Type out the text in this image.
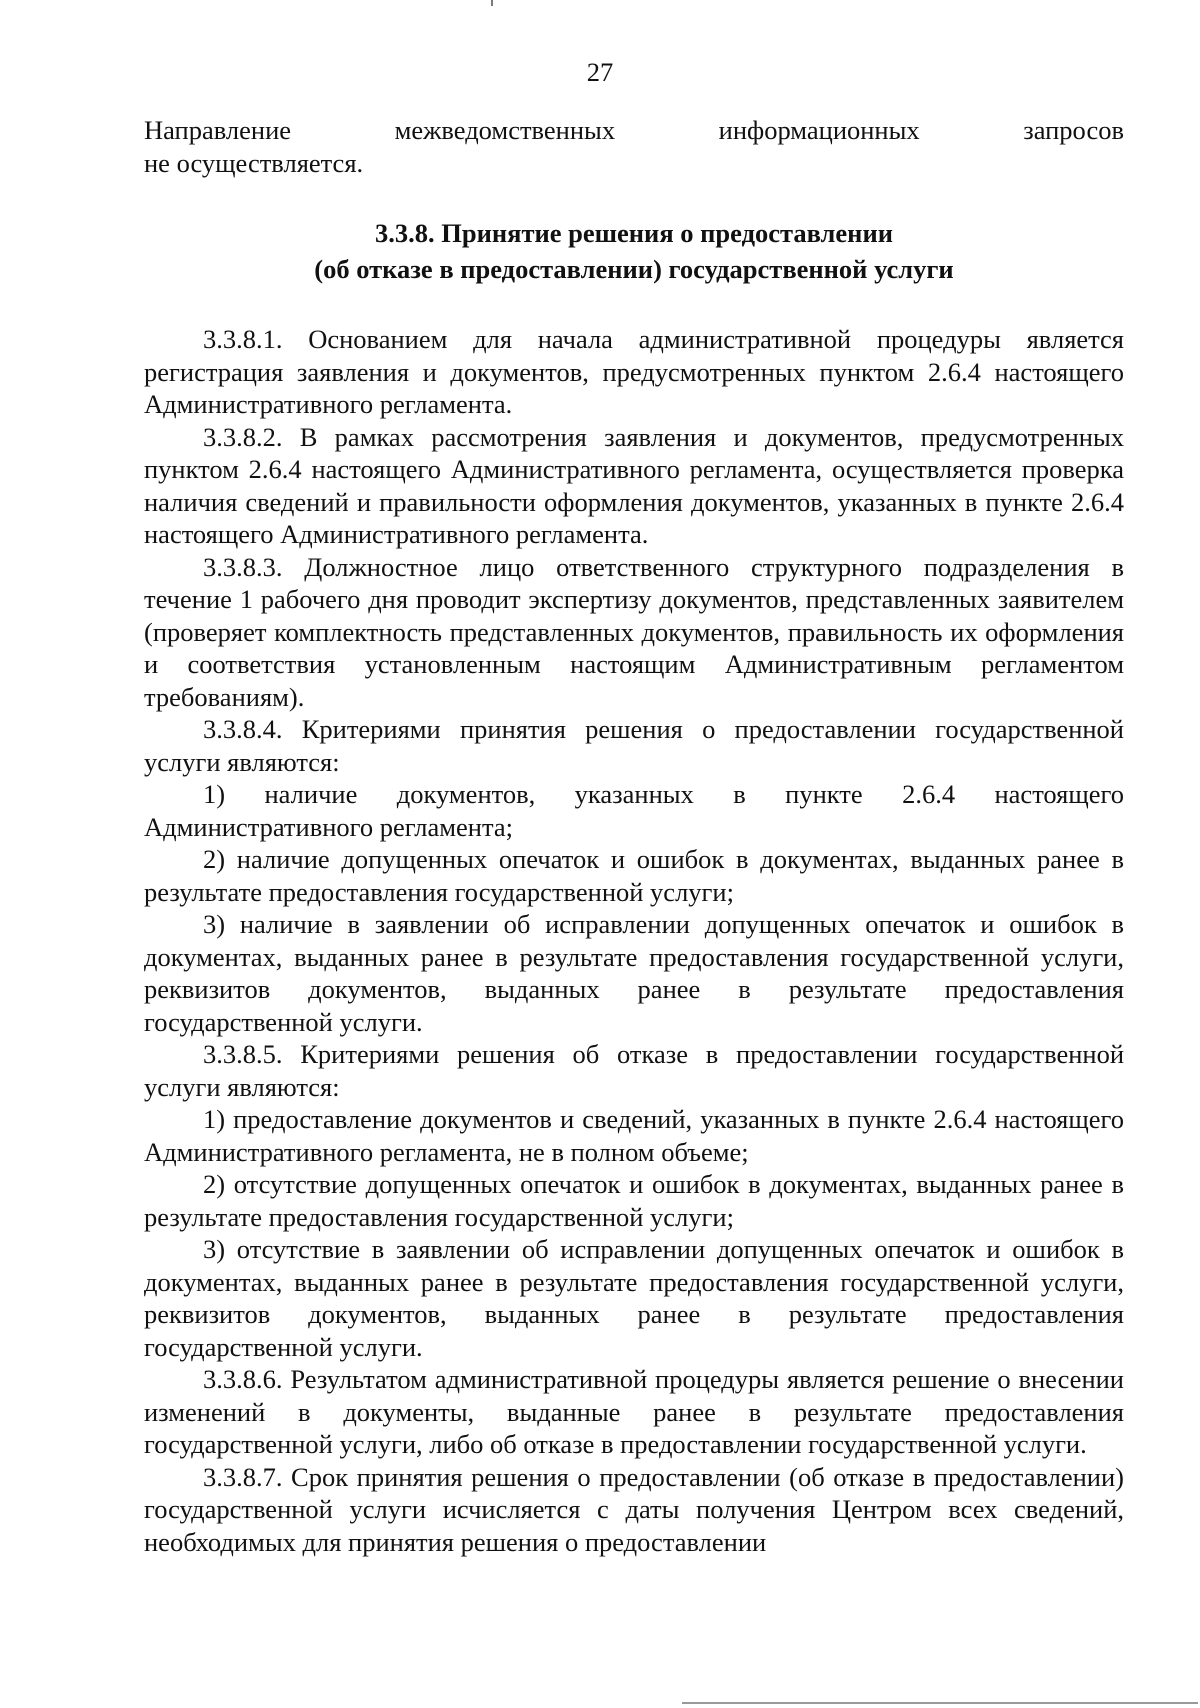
27

Направление	межведомственных	информационных	запросов

не осуществляется.

3.3.8. Принятие решения о предоставлении
(об отказе в предоставлении) государственной услуги

3.3.8.1. Основанием для начала административной процедуры является регистрация заявления и документов, предусмотренных пунктом 2.6.4 настоящего Административного регламента.

3.3.8.2. В рамках рассмотрения заявления и документов, предусмотренных пунктом 2.6.4 настоящего Административного регламента, осуществляется проверка наличия сведений и правильности оформления документов, указанных в пункте 2.6.4 настоящего Административного регламента.

3.3.8.3. Должностное лицо ответственного структурного подразделения в течение 1 рабочего дня проводит экспертизу документов, представленных заявителем (проверяет комплектность представленных документов, правильность их оформления и соответствия установленным настоящим Административным регламентом требованиям).

3.3.8.4. Критериями принятия решения о предоставлении государственной услуги являются:

1) наличие документов, указанных в пункте 2.6.4 настоящего Административного регламента;

2) наличие допущенных опечаток и ошибок в документах, выданных ранее в результате предоставления государственной услуги;

3) наличие в заявлении об исправлении допущенных опечаток и ошибок в документах, выданных ранее в результате предоставления государственной услуги, реквизитов документов, выданных ранее в результате предоставления государственной услуги.

3.3.8.5. Критериями решения об отказе в предоставлении государственной услуги являются:

1) предоставление документов и сведений, указанных в пункте 2.6.4 настоящего Административного регламента, не в полном объеме;

2) отсутствие допущенных опечаток и ошибок в документах, выданных ранее в результате предоставления государственной услуги;

3) отсутствие в заявлении об исправлении допущенных опечаток и ошибок в документах, выданных ранее в результате предоставления государственной услуги, реквизитов документов, выданных ранее в результате предоставления государственной услуги.

3.3.8.6. Результатом административной процедуры является решение о внесении изменений в документы, выданные ранее в результате предоставления государственной услуги, либо об отказе в предоставлении государственной услуги.

3.3.8.7. Срок принятия решения о предоставлении (об отказе в предоставлении) государственной услуги исчисляется с даты получения Центром всех сведений, необходимых для принятия решения о предоставлении
